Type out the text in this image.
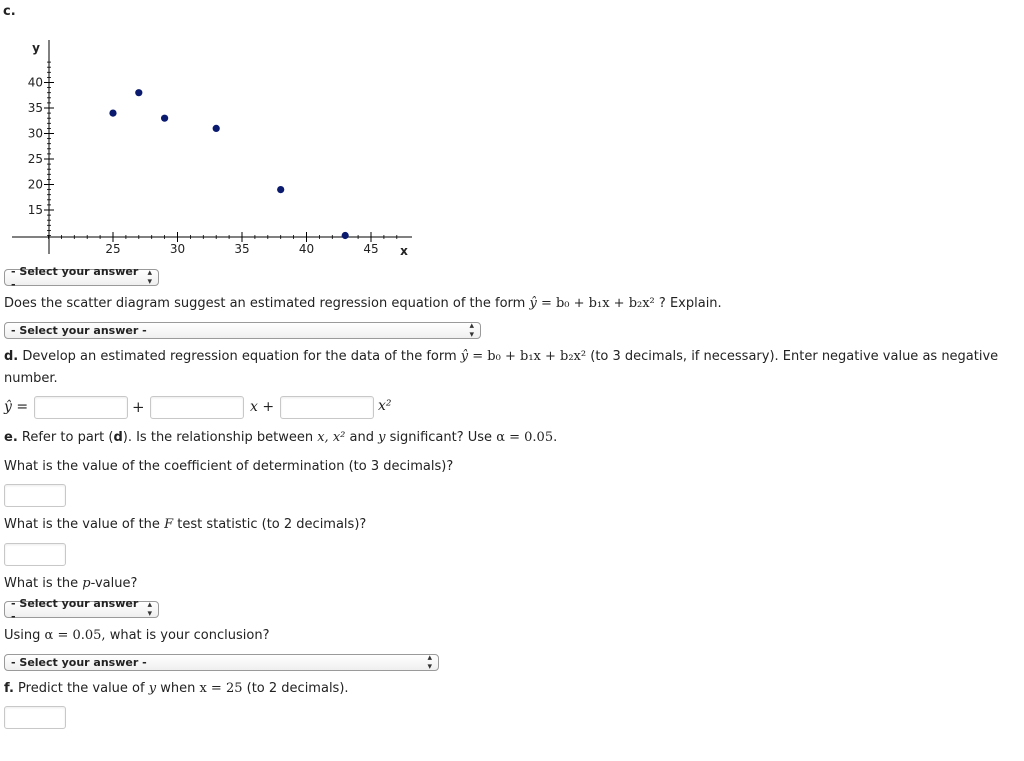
c.
25	30	35	40	45
15
20
25
30
35
40
x
y
- Select your answer -
▴
▾
Does the scatter diagram suggest an estimated regression equation of the form ŷ = b₀ + b₁x + b₂x² ? Explain.
- Select your answer -	▴
▾
d. Develop an estimated regression equation for the data of the form ŷ = b₀ + b₁x + b₂x² (to 3 decimals, if necessary). Enter negative value as negative
number.
ŷ =	+	x +	x²
e. Refer to part (d). Is the relationship between x, x² and y significant? Use α = 0.05.
What is the value of the coefficient of determination (to 3 decimals)?
What is the value of the F test statistic (to 2 decimals)?
What is the p-value?
- Select your answer -
▴
▾
Using α = 0.05, what is your conclusion?
- Select your answer -	▴
▾
f. Predict the value of y when x = 25 (to 2 decimals).
